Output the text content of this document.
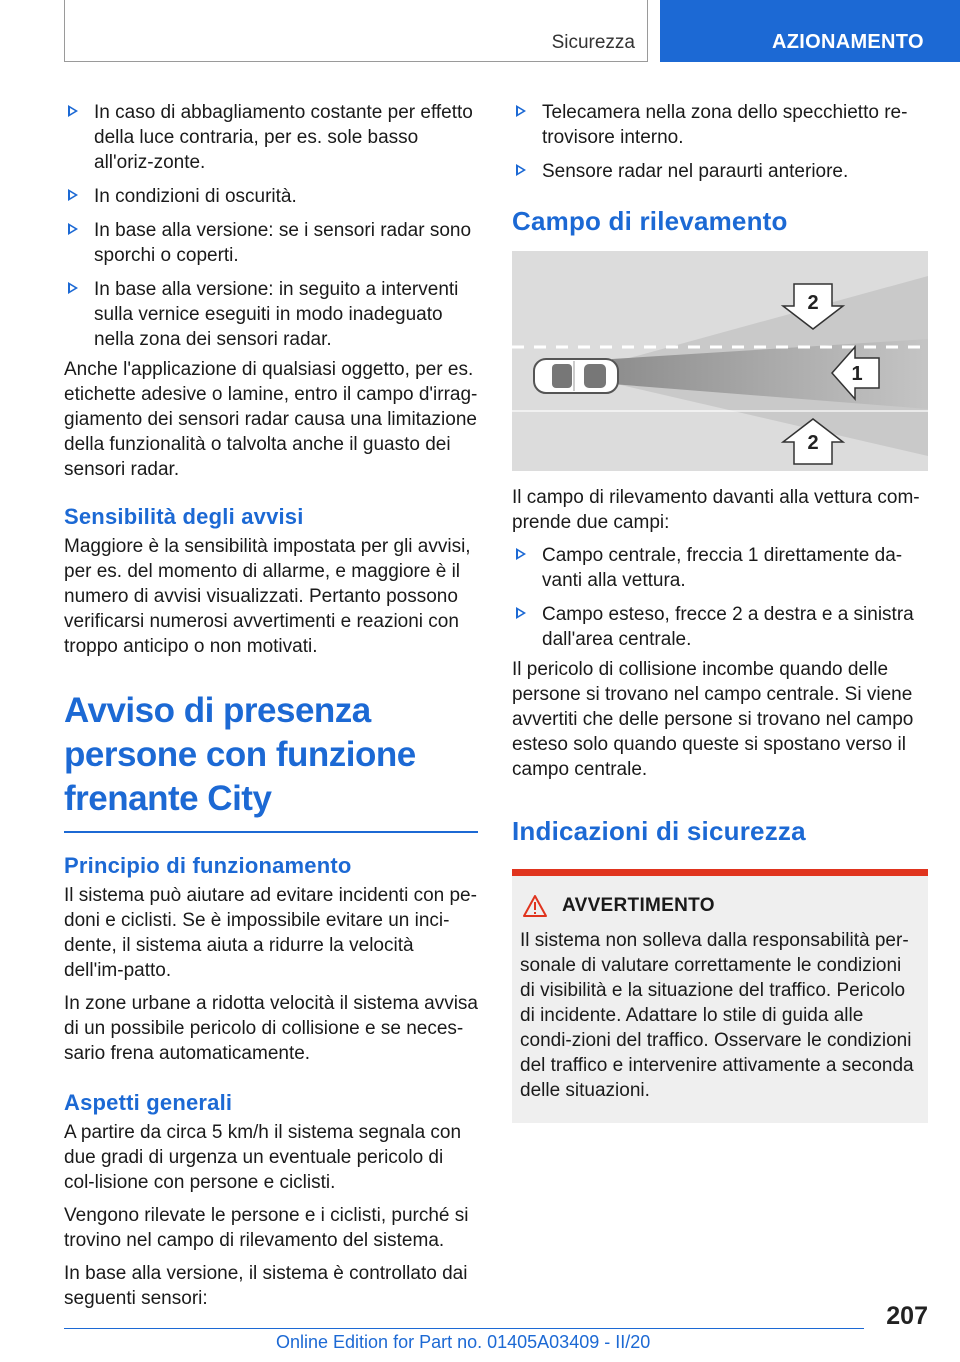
Sicurezza	AZIONAMENTO
In caso di abbagliamento costante per effetto della luce contraria, per es. sole basso all'oriz-zonte.
In condizioni di oscurità.
In base alla versione: se i sensori radar sono sporchi o coperti.
In base alla versione: in seguito a interventi sulla vernice eseguiti in modo inadeguato nella zona dei sensori radar.

Anche l'applicazione di qualsiasi oggetto, per es. etichette adesive o lamine, entro il campo d'irrag-giamento dei sensori radar causa una limitazione della funzionalità o talvolta anche il guasto dei sensori radar.

Sensibilità degli avvisi

Maggiore è la sensibilità impostata per gli avvisi, per es. del momento di allarme, e maggiore è il numero di avvisi visualizzati. Pertanto possono verificarsi numerosi avvertimenti e reazioni con troppo anticipo o non motivati.

Avviso di presenza persone con funzione frenante City
Principio di funzionamento

Il sistema può aiutare ad evitare incidenti con pe-doni e ciclisti. Se è impossibile evitare un inci-dente, il sistema aiuta a ridurre la velocità dell'im-patto.

In zone urbane a ridotta velocità il sistema avvisa di un possibile pericolo di collisione e se neces-sario frena automaticamente.

Aspetti generali

A partire da circa 5 km/h il sistema segnala con due gradi di urgenza un eventuale pericolo di col-lisione con persone e ciclisti.

Vengono rilevate le persone e i ciclisti, purché si trovino nel campo di rilevamento del sistema.

In base alla versione, il sistema è controllato dai seguenti sensori:

Telecamera nella zona dello specchietto re-trovisore interno.
Sensore radar nel paraurti anteriore.
Campo di rilevamento
2
1
2

Il campo di rilevamento davanti alla vettura com-prende due campi:

Campo centrale, freccia 1 direttamente da-vanti alla vettura.
Campo esteso, frecce 2 a destra e a sinistra dall'area centrale.

Il pericolo di collisione incombe quando delle persone si trovano nel campo centrale. Si viene avvertiti che delle persone si trovano nel campo esteso solo quando queste si spostano verso il campo centrale.

Indicazioni di sicurezza
AVVERTIMENTO

Il sistema non solleva dalla responsabilità per-sonale di valutare correttamente le condizioni di visibilità e la situazione del traffico. Pericolo di incidente. Adattare lo stile di guida alle condi-zioni del traffico. Osservare le condizioni del traffico e intervenire attivamente a seconda delle situazioni.

207
Online Edition for Part no. 01405A03409 - II/20
